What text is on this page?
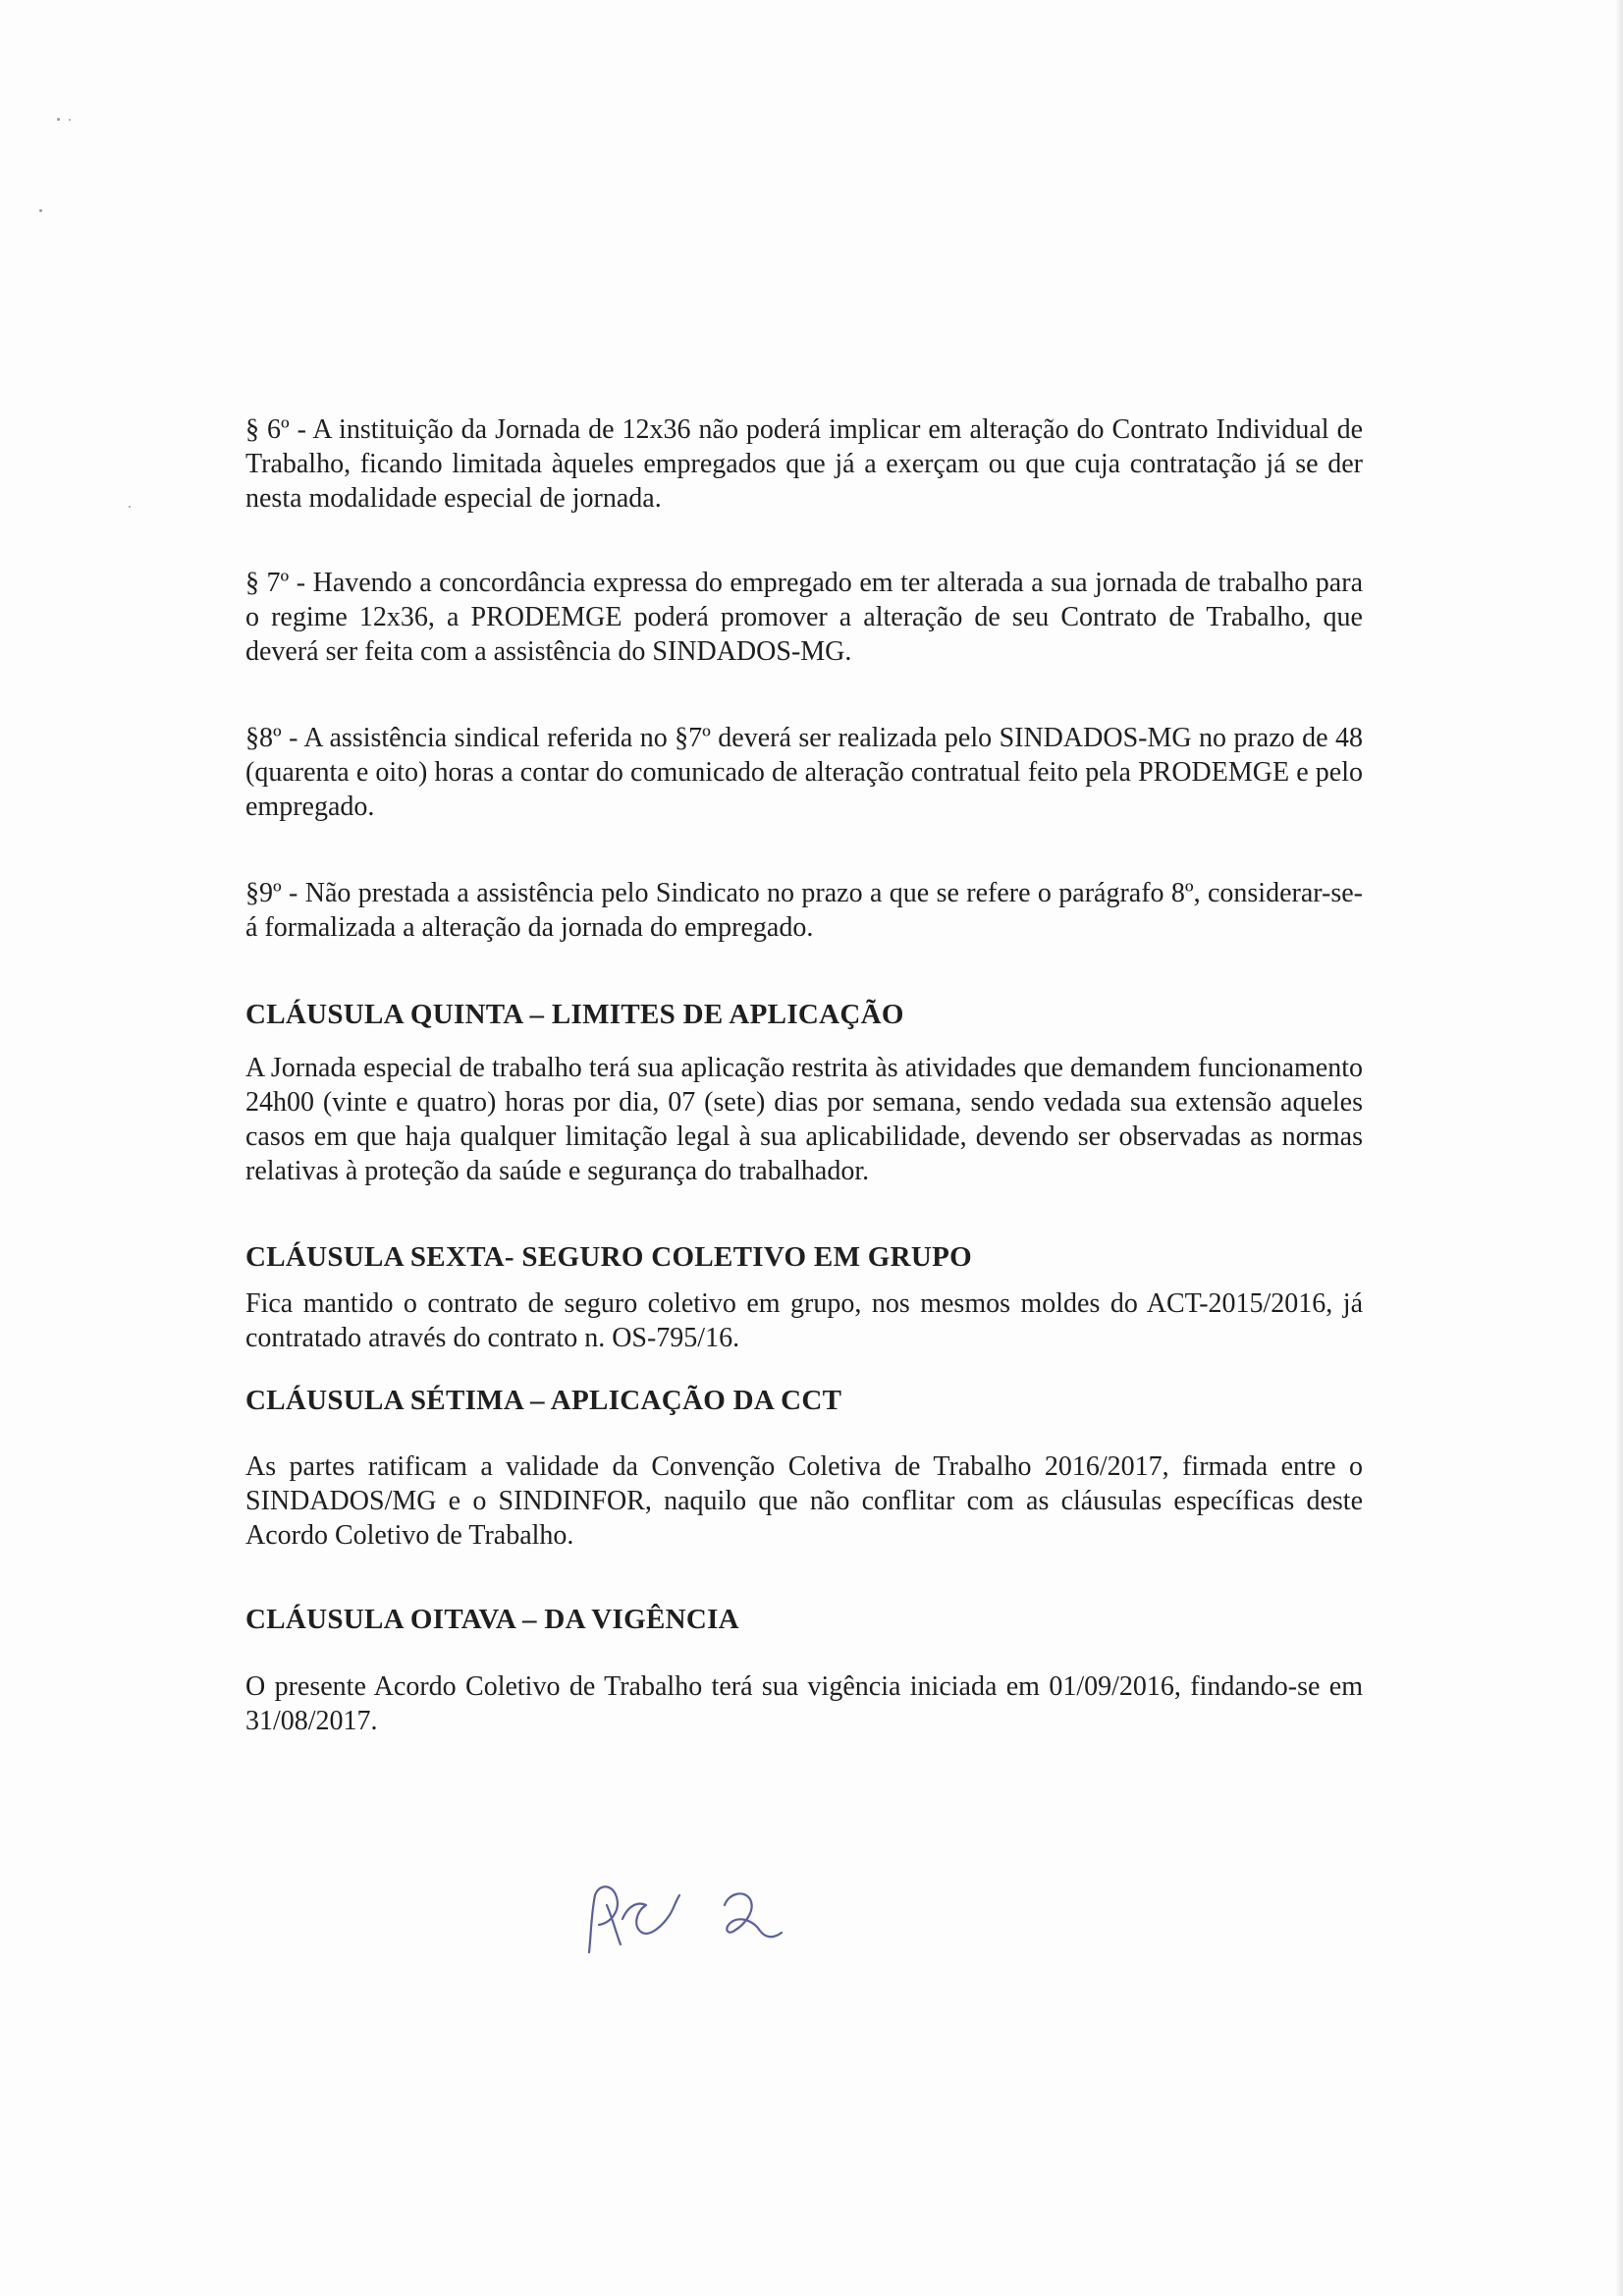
§ 6º - A instituição da Jornada de 12x36 não poderá implicar em alteração do Contrato Individual de Trabalho, ficando limitada àqueles empregados que já a exerçam ou que cuja contratação já se der nesta modalidade especial de jornada.

§ 7º - Havendo a concordância expressa do empregado em ter alterada a sua jornada de trabalho para o regime 12x36, a PRODEMGE poderá promover a alteração de seu Contrato de Trabalho, que deverá ser feita com a assistência do SINDADOS-MG.

§8º - A assistência sindical referida no §7º deverá ser realizada pelo SINDADOS-MG no prazo de 48 (quarenta e oito) horas a contar do comunicado de alteração contratual feito pela PRODEMGE e pelo empregado.

§9º - Não prestada a assistência pelo Sindicato no prazo a que se refere o parágrafo 8º, considerar-se-á formalizada a alteração da jornada do empregado.

CLÁUSULA QUINTA – LIMITES DE APLICAÇÃO

A Jornada especial de trabalho terá sua aplicação restrita às atividades que demandem funcionamento 24h00 (vinte e quatro) horas por dia, 07 (sete) dias por semana, sendo vedada sua extensão aqueles casos em que haja qualquer limitação legal à sua aplicabilidade, devendo ser observadas as normas relativas à proteção da saúde e segurança do trabalhador.

CLÁUSULA SEXTA- SEGURO COLETIVO EM GRUPO

Fica mantido o contrato de seguro coletivo em grupo, nos mesmos moldes do ACT-2015/2016, já contratado através do contrato n. OS-795/16.

CLÁUSULA SÉTIMA – APLICAÇÃO DA CCT

As partes ratificam a validade da Convenção Coletiva de Trabalho 2016/2017, firmada entre o SINDADOS/MG e o SINDINFOR, naquilo que não conflitar com as cláusulas específicas deste Acordo Coletivo de Trabalho.

CLÁUSULA OITAVA – DA VIGÊNCIA

O presente Acordo Coletivo de Trabalho terá sua vigência iniciada em 01/09/2016, findando-se em 31/08/2017.
